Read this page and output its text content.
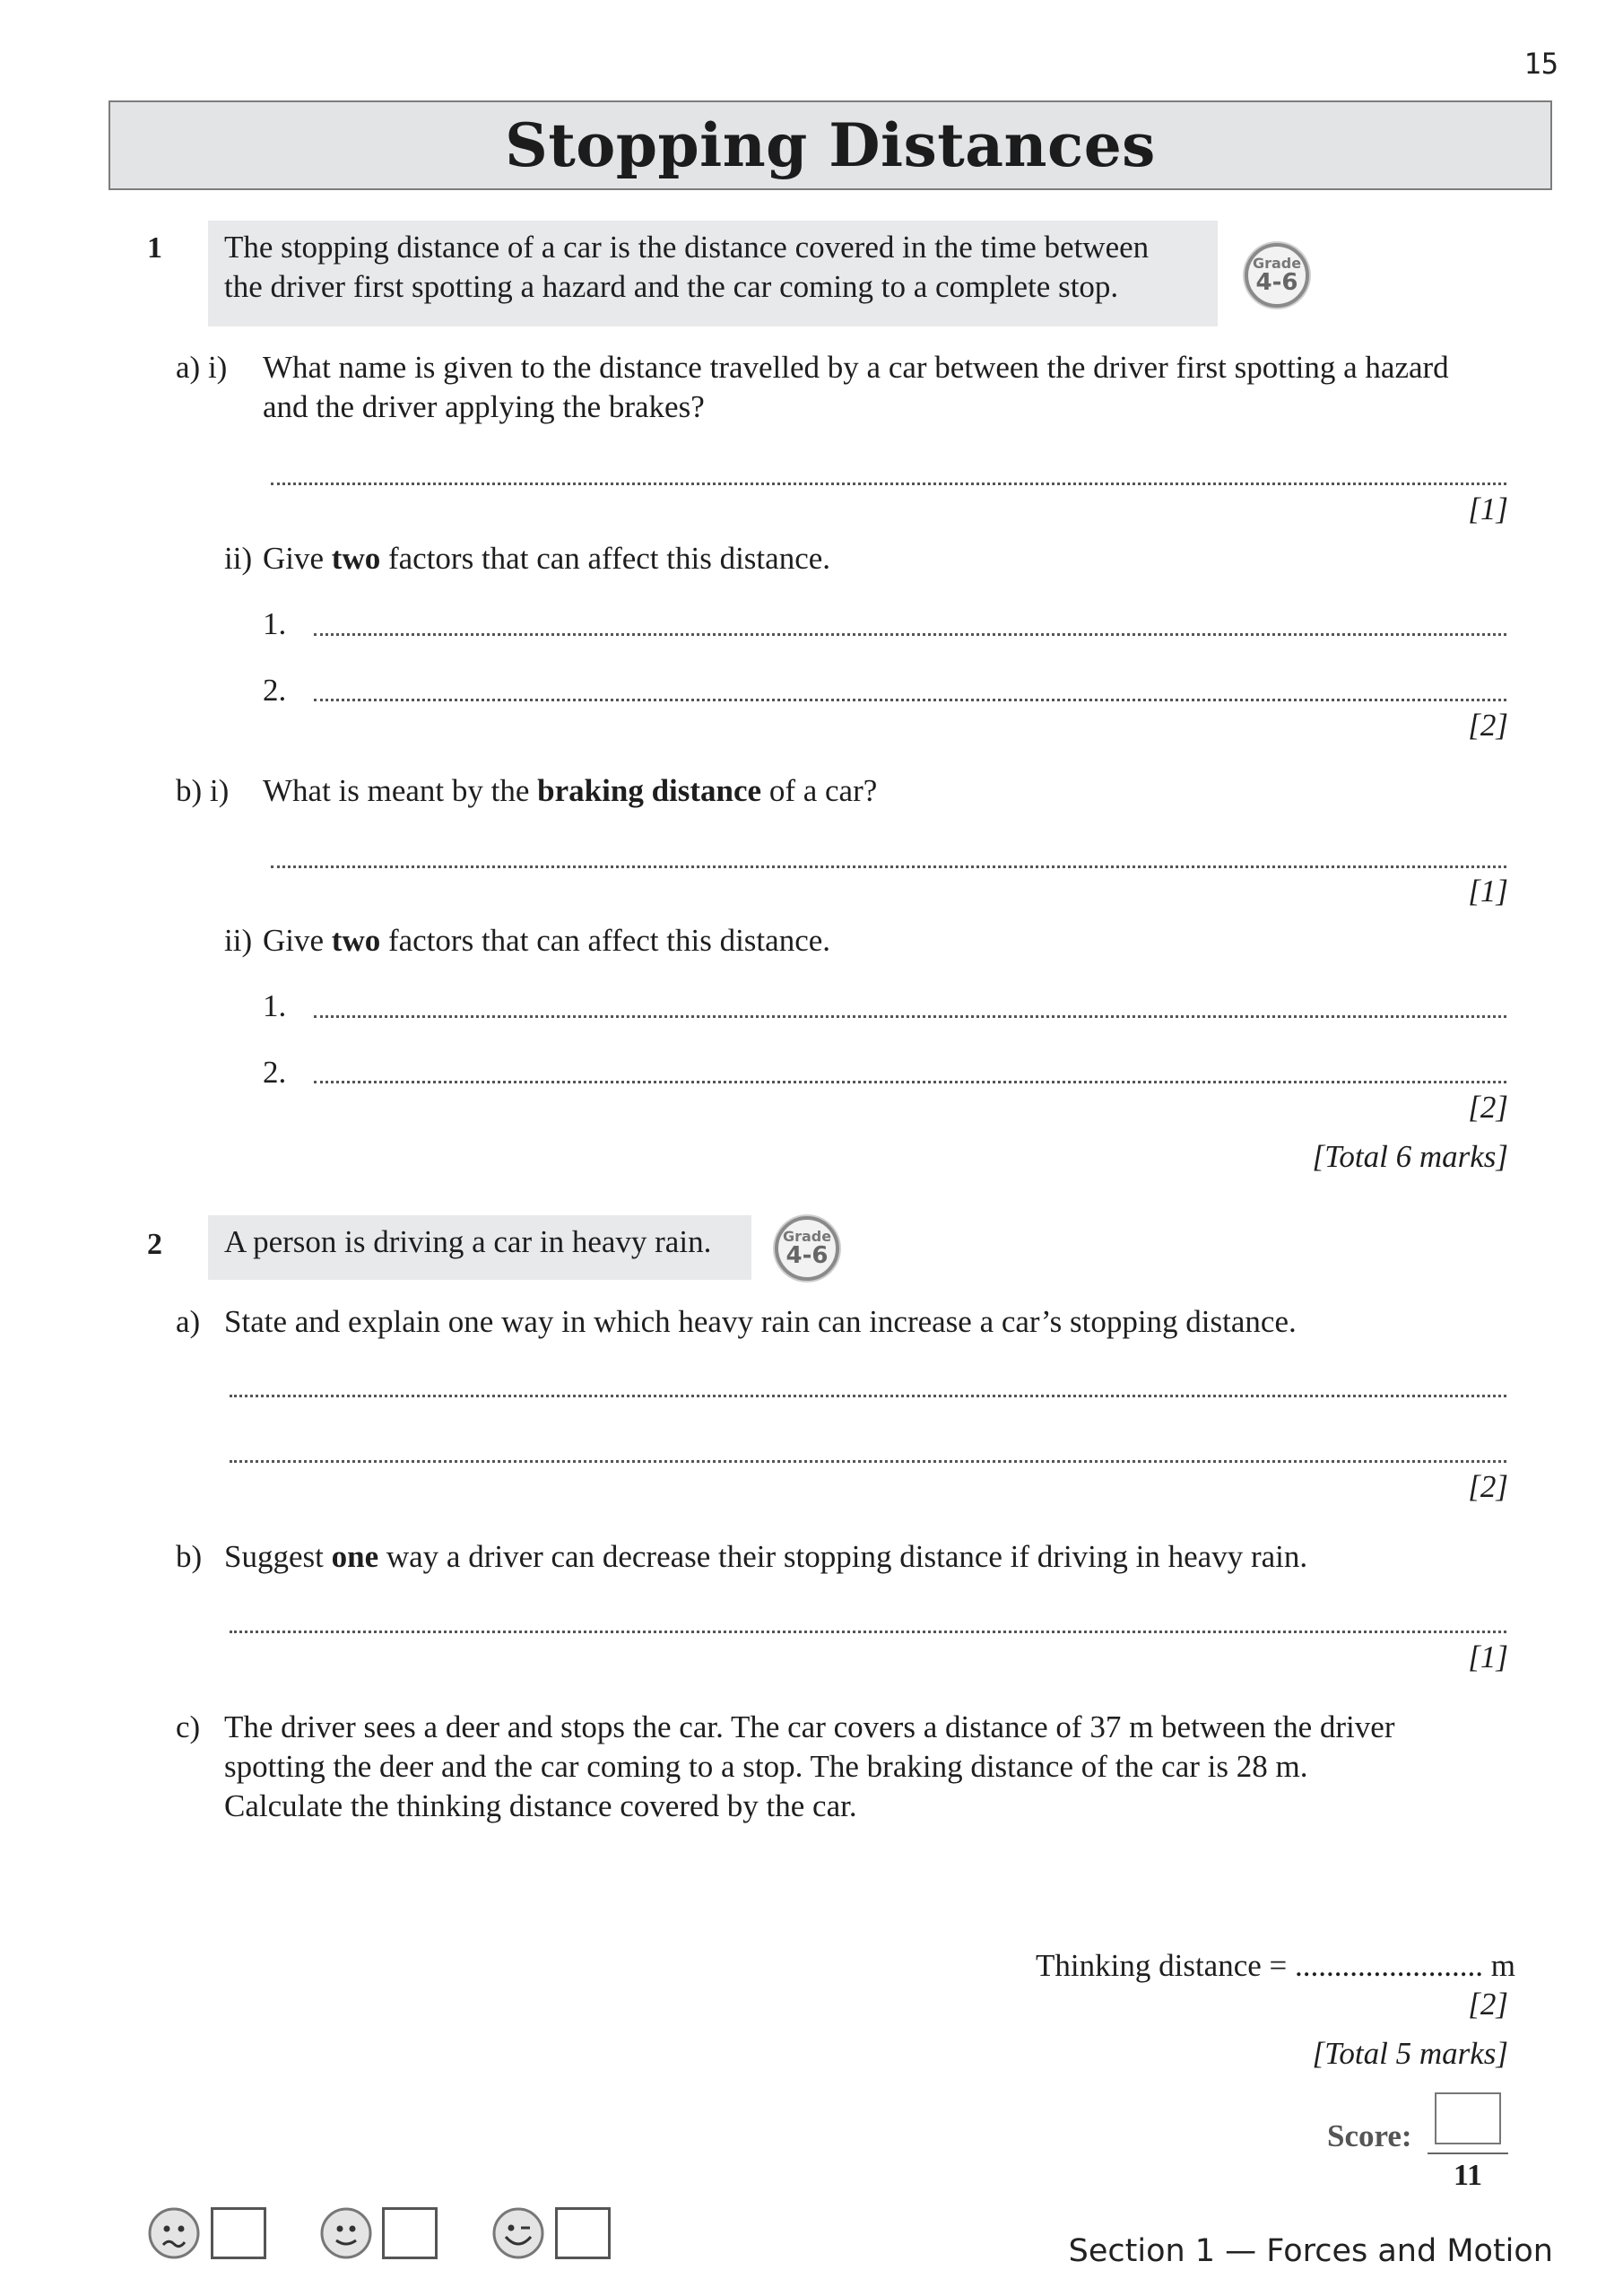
15
Stopping Distances
1 The stopping distance of a car is the distance covered in the time between
the driver first spotting a hazard and the car coming to a complete stop.
Grade
4-6
a) i) What name is given to the distance travelled by a car between the driver first spotting a hazard
and the driver applying the brakes?
[1]
ii) Give two factors that can affect this distance.
1.
2.
[2]
b) i) What is meant by the braking distance of a car?
[1]
ii) Give two factors that can affect this distance.
1.
2.
[2]
[Total 6 marks]
2 A person is driving a car in heavy rain.	Grade
4-6
a) State and explain one way in which heavy rain can increase a car’s stopping distance.
[2]
b) Suggest one way a driver can decrease their stopping distance if driving in heavy rain.
[1]
c) The driver sees a deer and stops the car. The car covers a distance of 37 m between the driver
spotting the deer and the car coming to a stop. The braking distance of the car is 28 m.
Calculate the thinking distance covered by the car.
Thinking distance = ........................ m
[2]
[Total 5 marks]
Score:
11
Section 1 — Forces and Motion
